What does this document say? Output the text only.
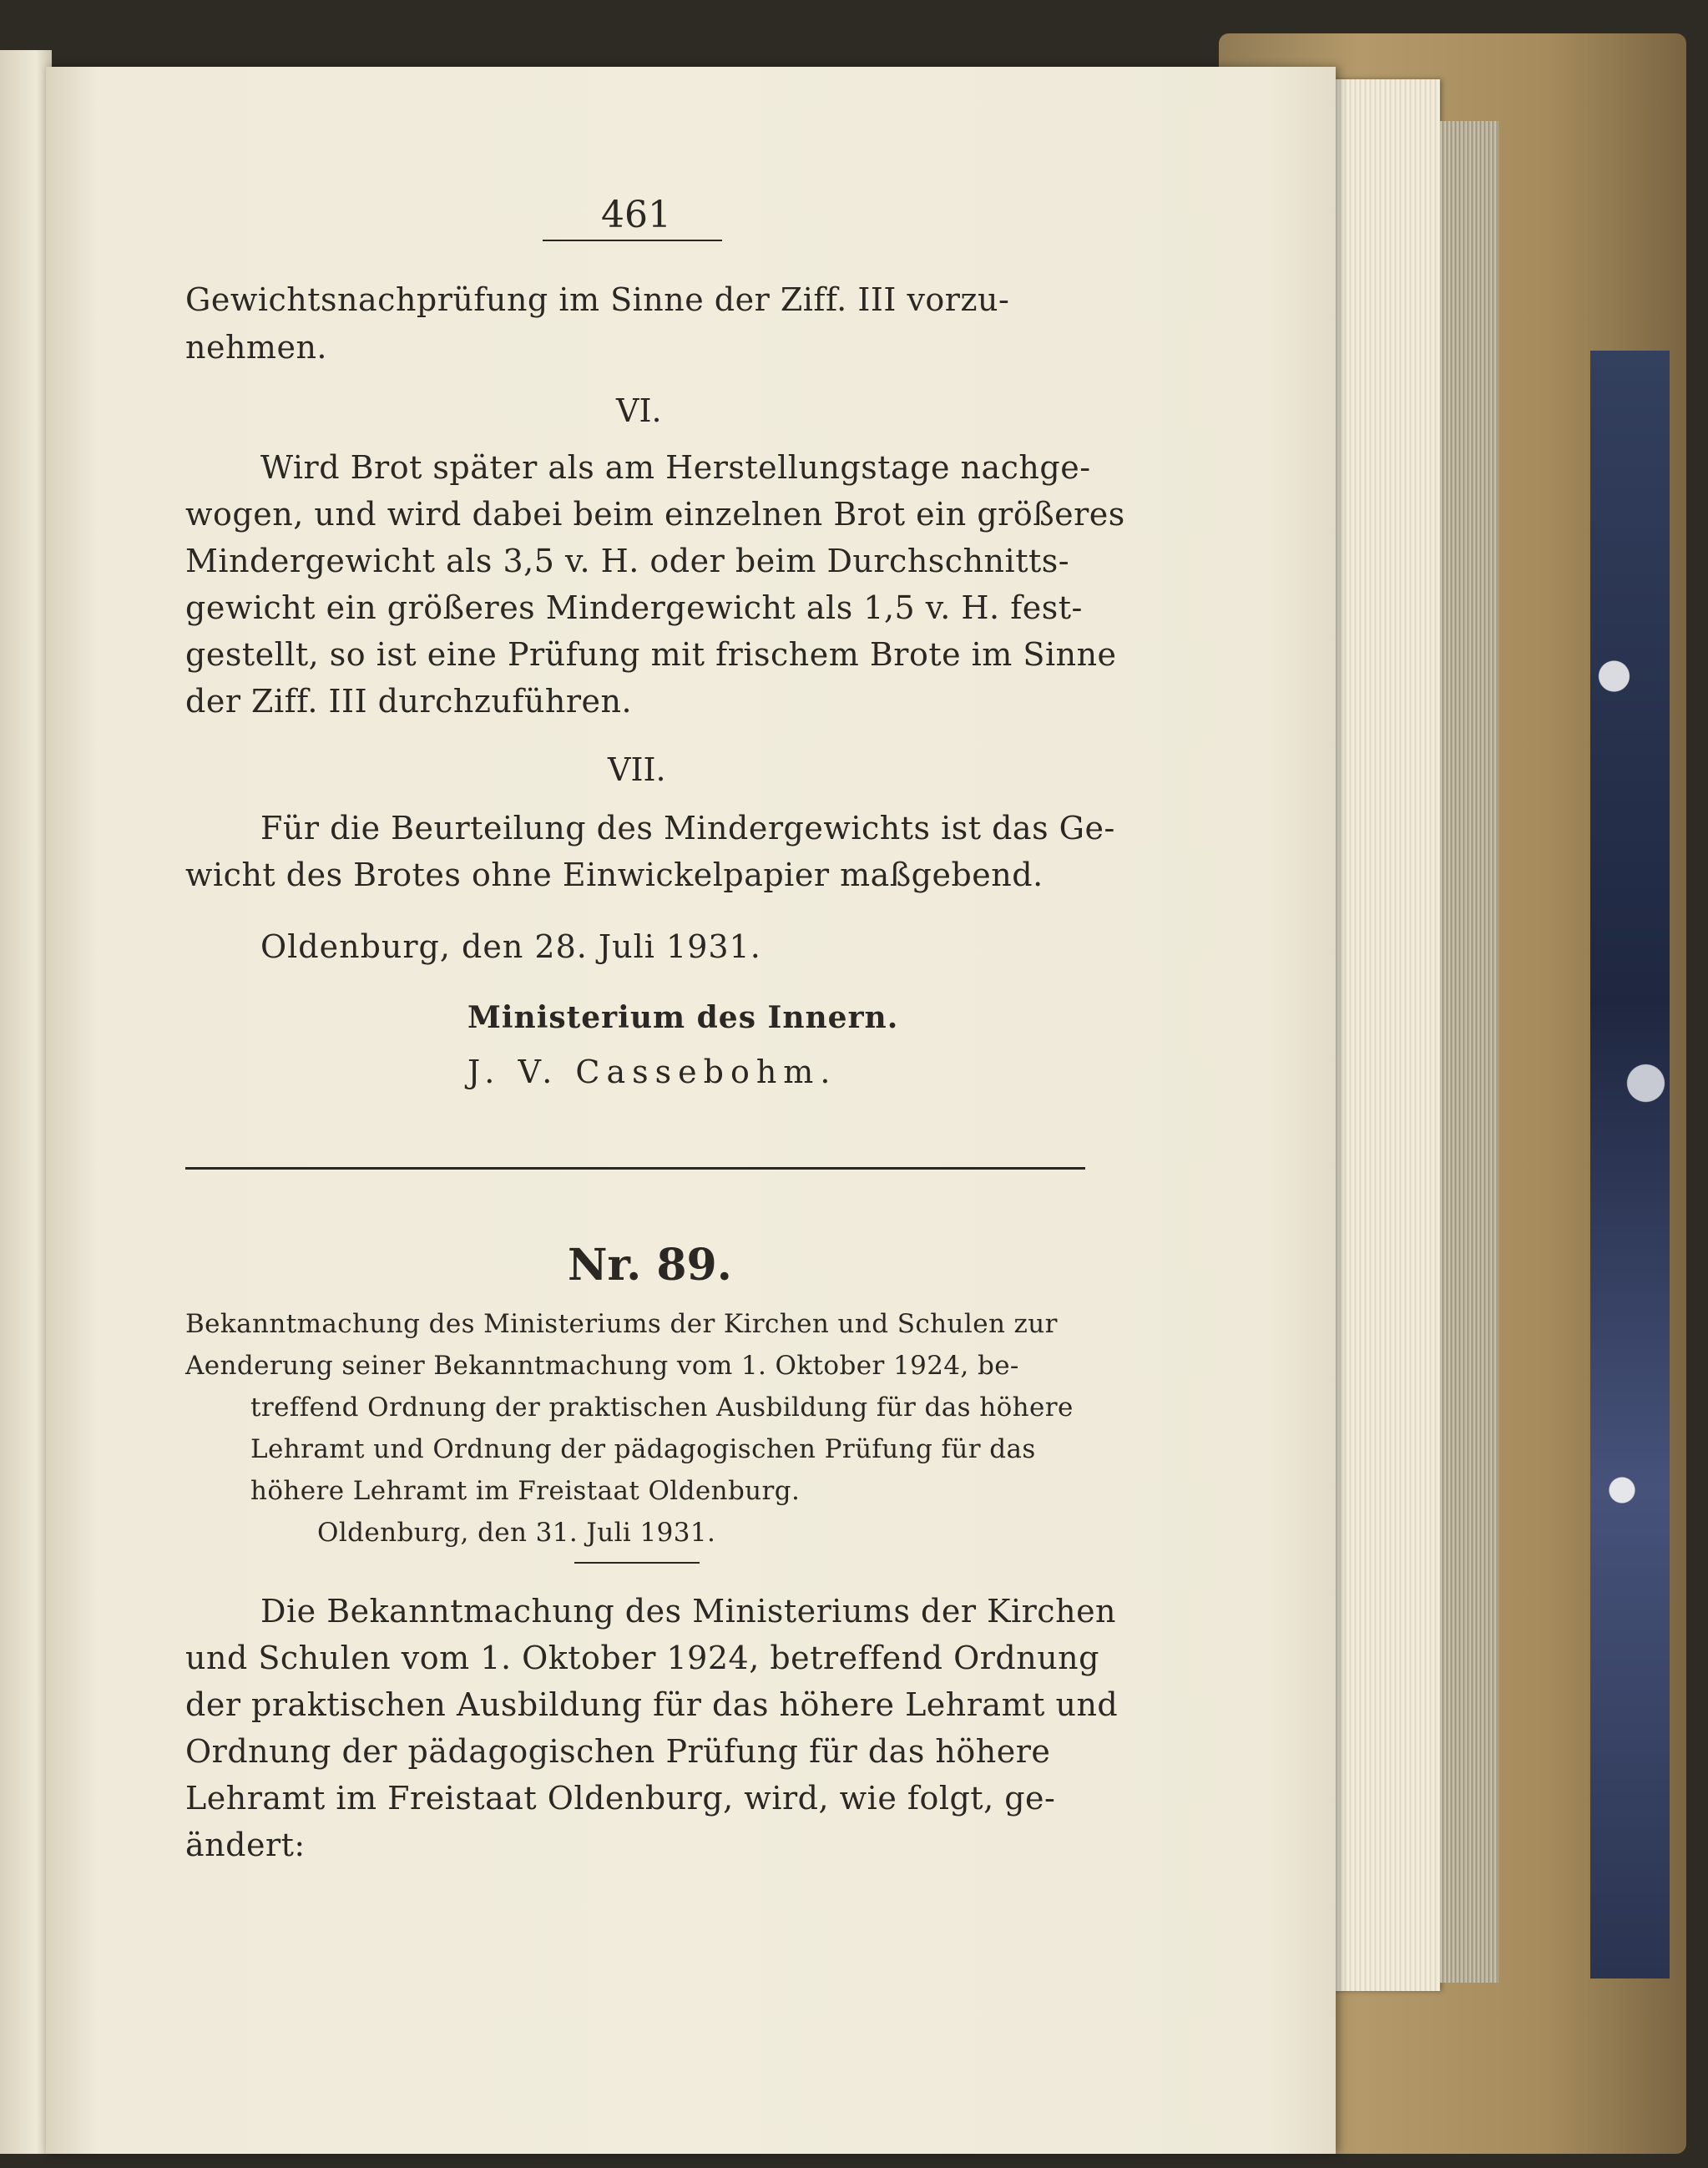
461
Gewichtsnachprüfung im Sinne der Ziff. III vorzu-
nehmen.
VI.
Wird Brot später als am Herstellungstage nachge-
wogen, und wird dabei beim einzelnen Brot ein größeres
Mindergewicht als 3,5 v. H. oder beim Durchschnitts-
gewicht ein größeres Mindergewicht als 1,5 v. H. fest-
gestellt, so ist eine Prüfung mit frischem Brote im Sinne
der Ziff. III durchzuführen.
VII.
Für die Beurteilung des Mindergewichts ist das Ge-
wicht des Brotes ohne Einwickelpapier maßgebend.
Oldenburg, den 28. Juli 1931.
Ministerium des Innern.
J. V. Cassebohm.
Nr. 89.
Bekanntmachung des Ministeriums der Kirchen und Schulen zur
Aenderung seiner Bekanntmachung vom 1. Oktober 1924, be-
treffend Ordnung der praktischen Ausbildung für das höhere
Lehramt und Ordnung der pädagogischen Prüfung für das
höhere Lehramt im Freistaat Oldenburg.
Oldenburg, den 31. Juli 1931.
Die Bekanntmachung des Ministeriums der Kirchen
und Schulen vom 1. Oktober 1924, betreffend Ordnung
der praktischen Ausbildung für das höhere Lehramt und
Ordnung der pädagogischen Prüfung für das höhere
Lehramt im Freistaat Oldenburg, wird, wie folgt, ge-
ändert:
